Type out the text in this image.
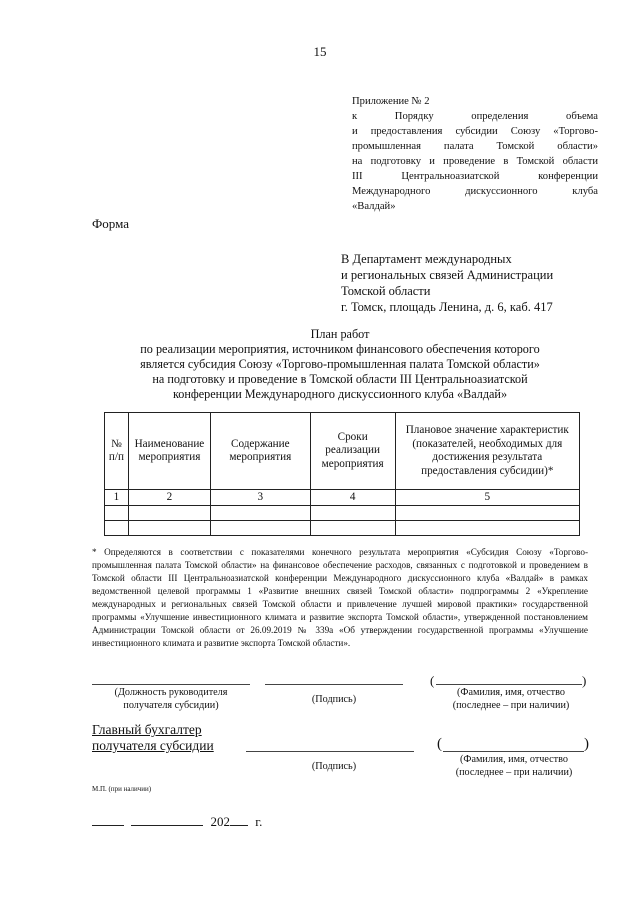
15
Приложение № 2
к Порядку определения объема
и предоставления субсидии Союзу «Торгово-
промышленная палата Томской области»
на подготовку и проведение в Томской области
III Центральноазиатской конференции
Международного дискуссионного клуба
«Валдай»
Форма
В Департамент международных
и региональных связей Администрации
Томской области
г. Томск, площадь Ленина, д. 6, каб. 417
План работ
по реализации мероприятия, источником финансового обеспечения которого
является субсидия Союзу «Торгово-промышленная палата Томской области»
на подготовку и проведение в Томской области III Центральноазиатской
конференции Международного дискуссионного клуба «Валдай»
№ п/п	Наименование мероприятия	Содержание мероприятия	Сроки реализации мероприятия	Плановое значение характеристик (показателей, необходимых для достижения результата предоставления субсидии)*
1	2	3	4	5

* Определяются в соответствии с показателями конечного результата мероприятия «Субсидия Союзу «Торгово-промышленная палата Томской области» на финансовое обеспечение расходов, связанных с подготовкой и проведением в Томской области III Центральноазиатской конференции Международного дискуссионного клуба «Валдай» в рамках ведомственной целевой программы 1 «Развитие внешних связей Томской области» подпрограммы 2 «Укрепление международных и региональных связей Томской области и привлечение лучшей мировой практики» государственной программы «Улучшение инвестиционного климата и развитие экспорта Томской области», утвержденной постановлением Администрации Томской области от 26.09.2019 № 339а «Об утверждении государственной программы «Улучшение инвестиционного климата и развитие экспорта Томской области».
(	)
(Должность руководителя
получателя субсидии)
(Подпись)
(Фамилия, имя, отчество
(последнее – при наличии)
Главный бухгалтер
получателя субсидии	(	)
(Подпись)
(Фамилия, имя, отчество
(последнее – при наличии)
М.П. (при наличии)
202 г.
